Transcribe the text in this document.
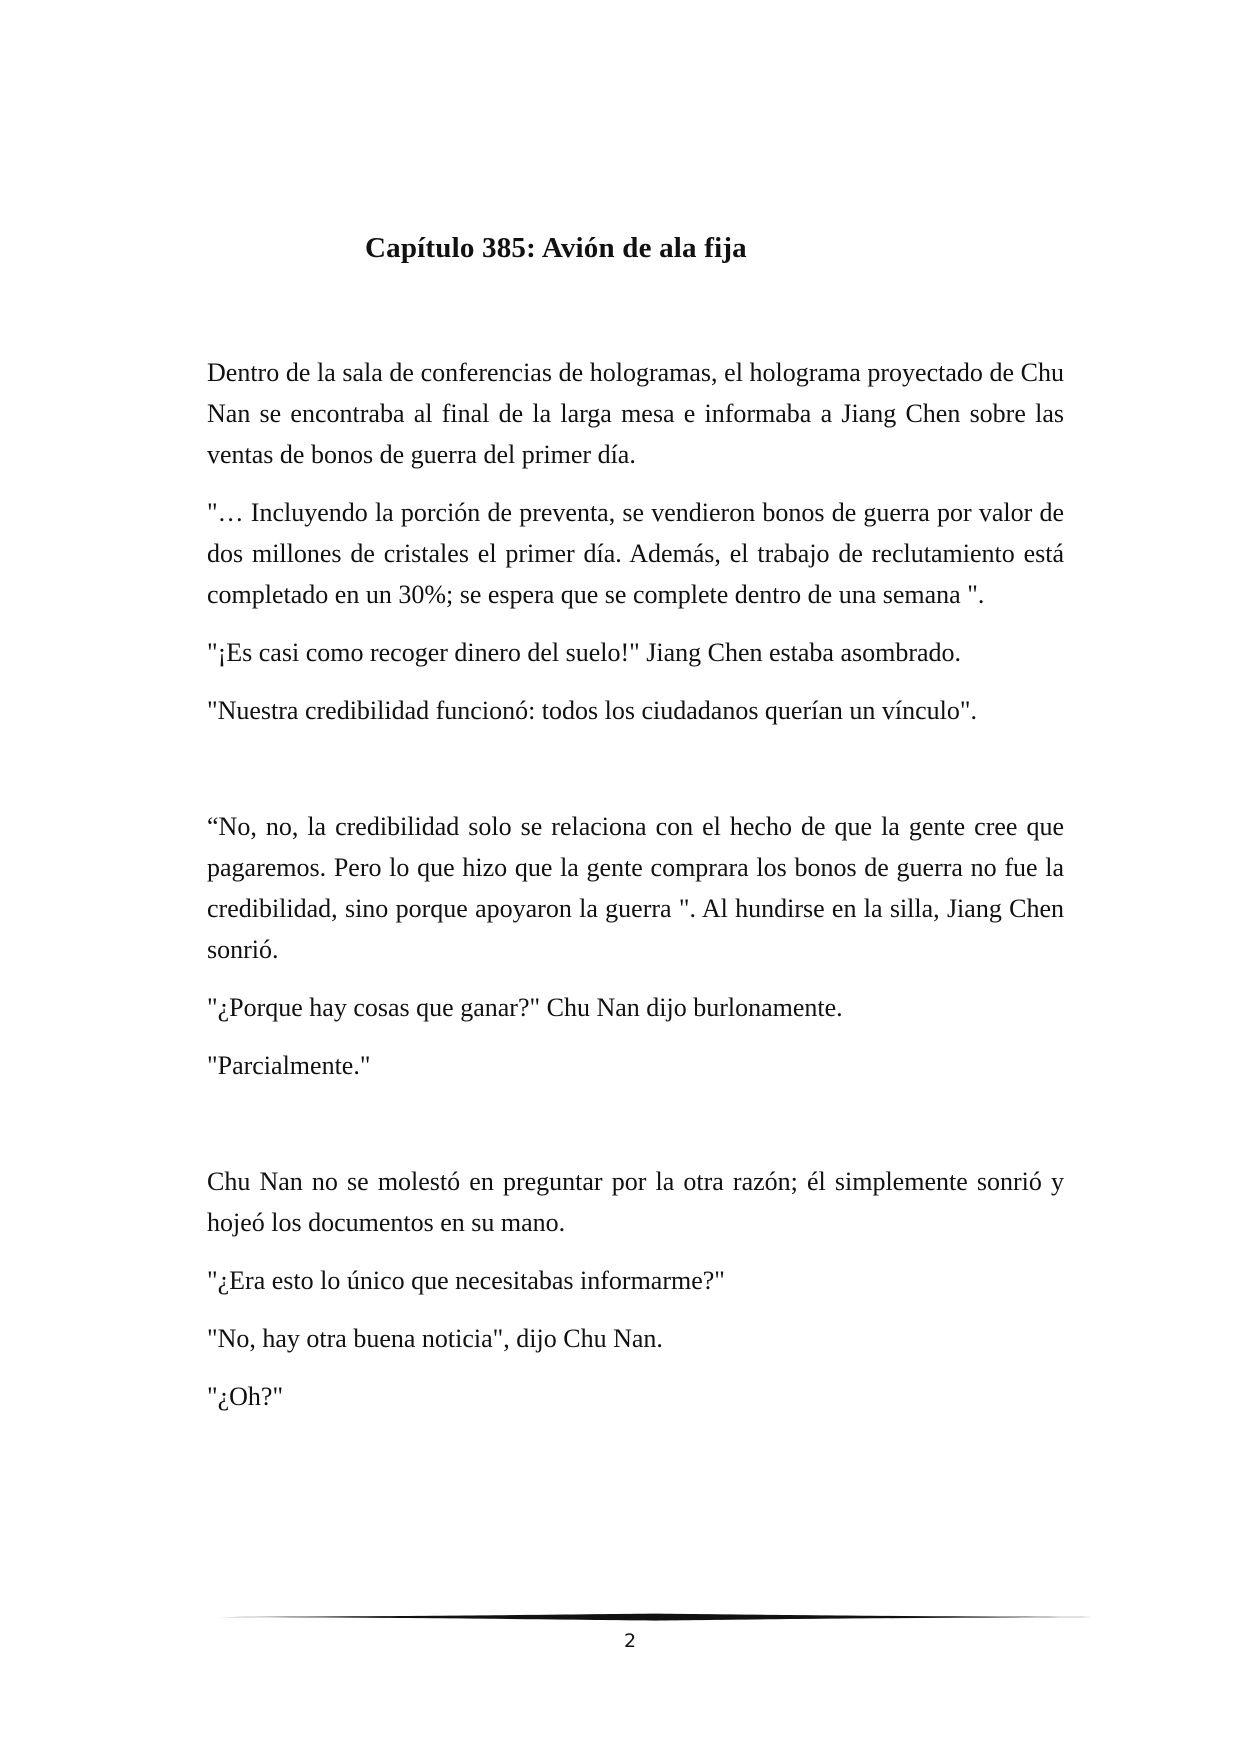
Capítulo 385: Avión de ala fija

Dentro de la sala de conferencias de hologramas, el holograma proyectado de Chu Nan se encontraba al final de la larga mesa e informaba a Jiang Chen sobre las ventas de bonos de guerra del primer día.

"… Incluyendo la porción de preventa, se vendieron bonos de guerra por valor de dos millones de cristales el primer día. Además, el trabajo de reclutamiento está completado en un 30%; se espera que se complete dentro de una semana ".

"¡Es casi como recoger dinero del suelo!" Jiang Chen estaba asombrado.

"Nuestra credibilidad funcionó: todos los ciudadanos querían un vínculo".

“No, no, la credibilidad solo se relaciona con el hecho de que la gente cree que pagaremos. Pero lo que hizo que la gente comprara los bonos de guerra no fue la credibilidad, sino porque apoyaron la guerra ". Al hundirse en la silla, Jiang Chen sonrió.

"¿Porque hay cosas que ganar?" Chu Nan dijo burlonamente.

"Parcialmente."

Chu Nan no se molestó en preguntar por la otra razón; él simplemente sonrió y hojeó los documentos en su mano.

"¿Era esto lo único que necesitabas informarme?"

"No, hay otra buena noticia", dijo Chu Nan.

"¿Oh?"

2
